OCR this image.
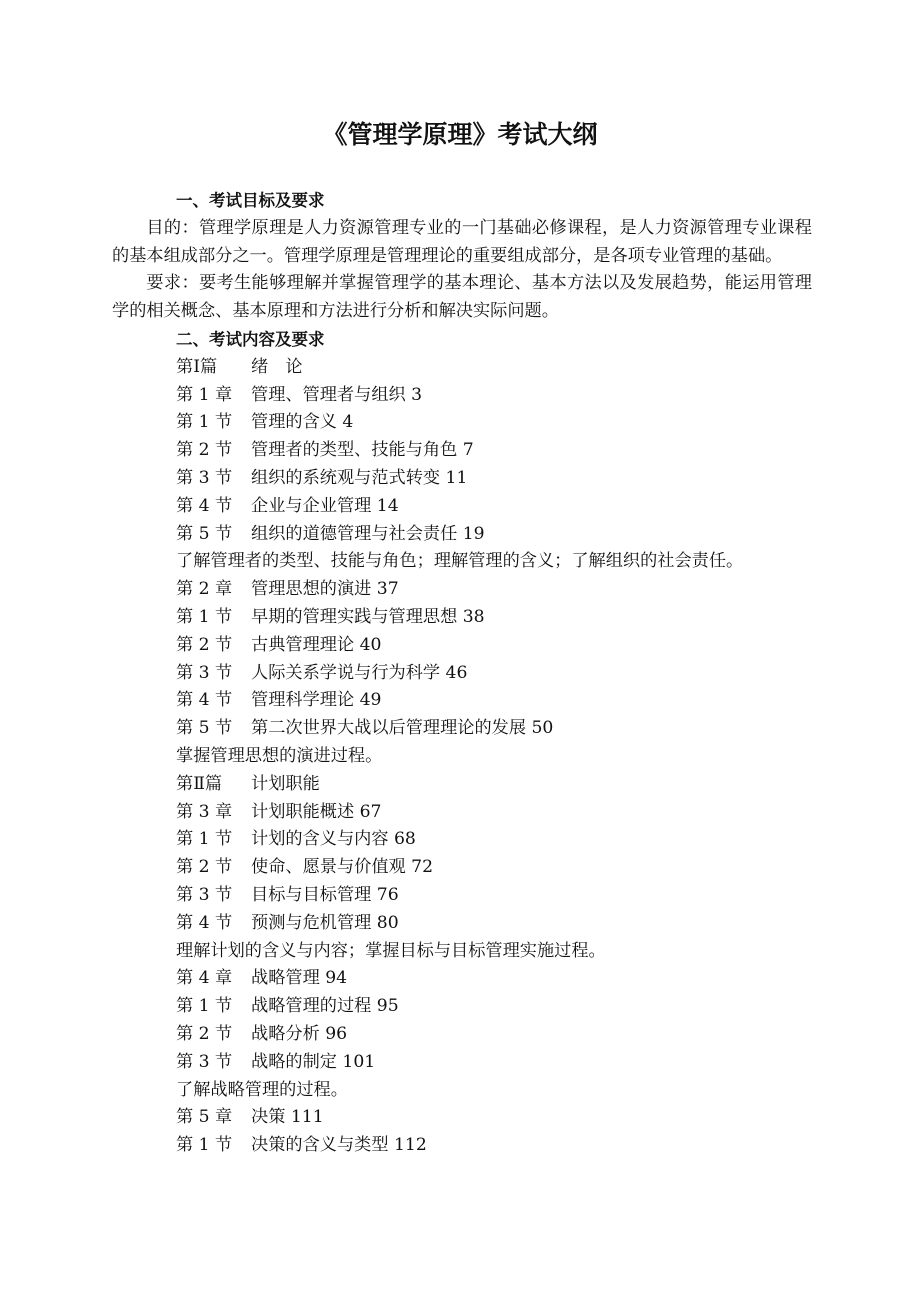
《管理学原理》考试大纲
一、考试目标及要求
目的：管理学原理是人力资源管理专业的一门基础必修课程，是人力资源管理专业课程的基本组成部分之一。管理学原理是管理理论的重要组成部分，是各项专业管理的基础。
要求：要考生能够理解并掌握管理学的基本理论、基本方法以及发展趋势，能运用管理学的相关概念、基本原理和方法进行分析和解决实际问题。
二、考试内容及要求
第Ⅰ篇 绪　论
第 1 章 管理、管理者与组织 3
第 1 节 管理的含义 4
第 2 节 管理者的类型、技能与角色 7
第 3 节 组织的系统观与范式转变 11
第 4 节 企业与企业管理 14
第 5 节 组织的道德管理与社会责任 19
了解管理者的类型、技能与角色；理解管理的含义；了解组织的社会责任。
第 2 章 管理思想的演进 37
第 1 节 早期的管理实践与管理思想 38
第 2 节 古典管理理论 40
第 3 节 人际关系学说与行为科学 46
第 4 节 管理科学理论 49
第 5 节 第二次世界大战以后管理理论的发展 50
掌握管理思想的演进过程。
第Ⅱ篇 计划职能
第 3 章 计划职能概述 67
第 1 节 计划的含义与内容 68
第 2 节 使命、愿景与价值观 72
第 3 节 目标与目标管理 76
第 4 节 预测与危机管理 80
理解计划的含义与内容；掌握目标与目标管理实施过程。
第 4 章 战略管理 94
第 1 节 战略管理的过程 95
第 2 节 战略分析 96
第 3 节 战略的制定 101
了解战略管理的过程。
第 5 章 决策 111
第 1 节 决策的含义与类型 112
